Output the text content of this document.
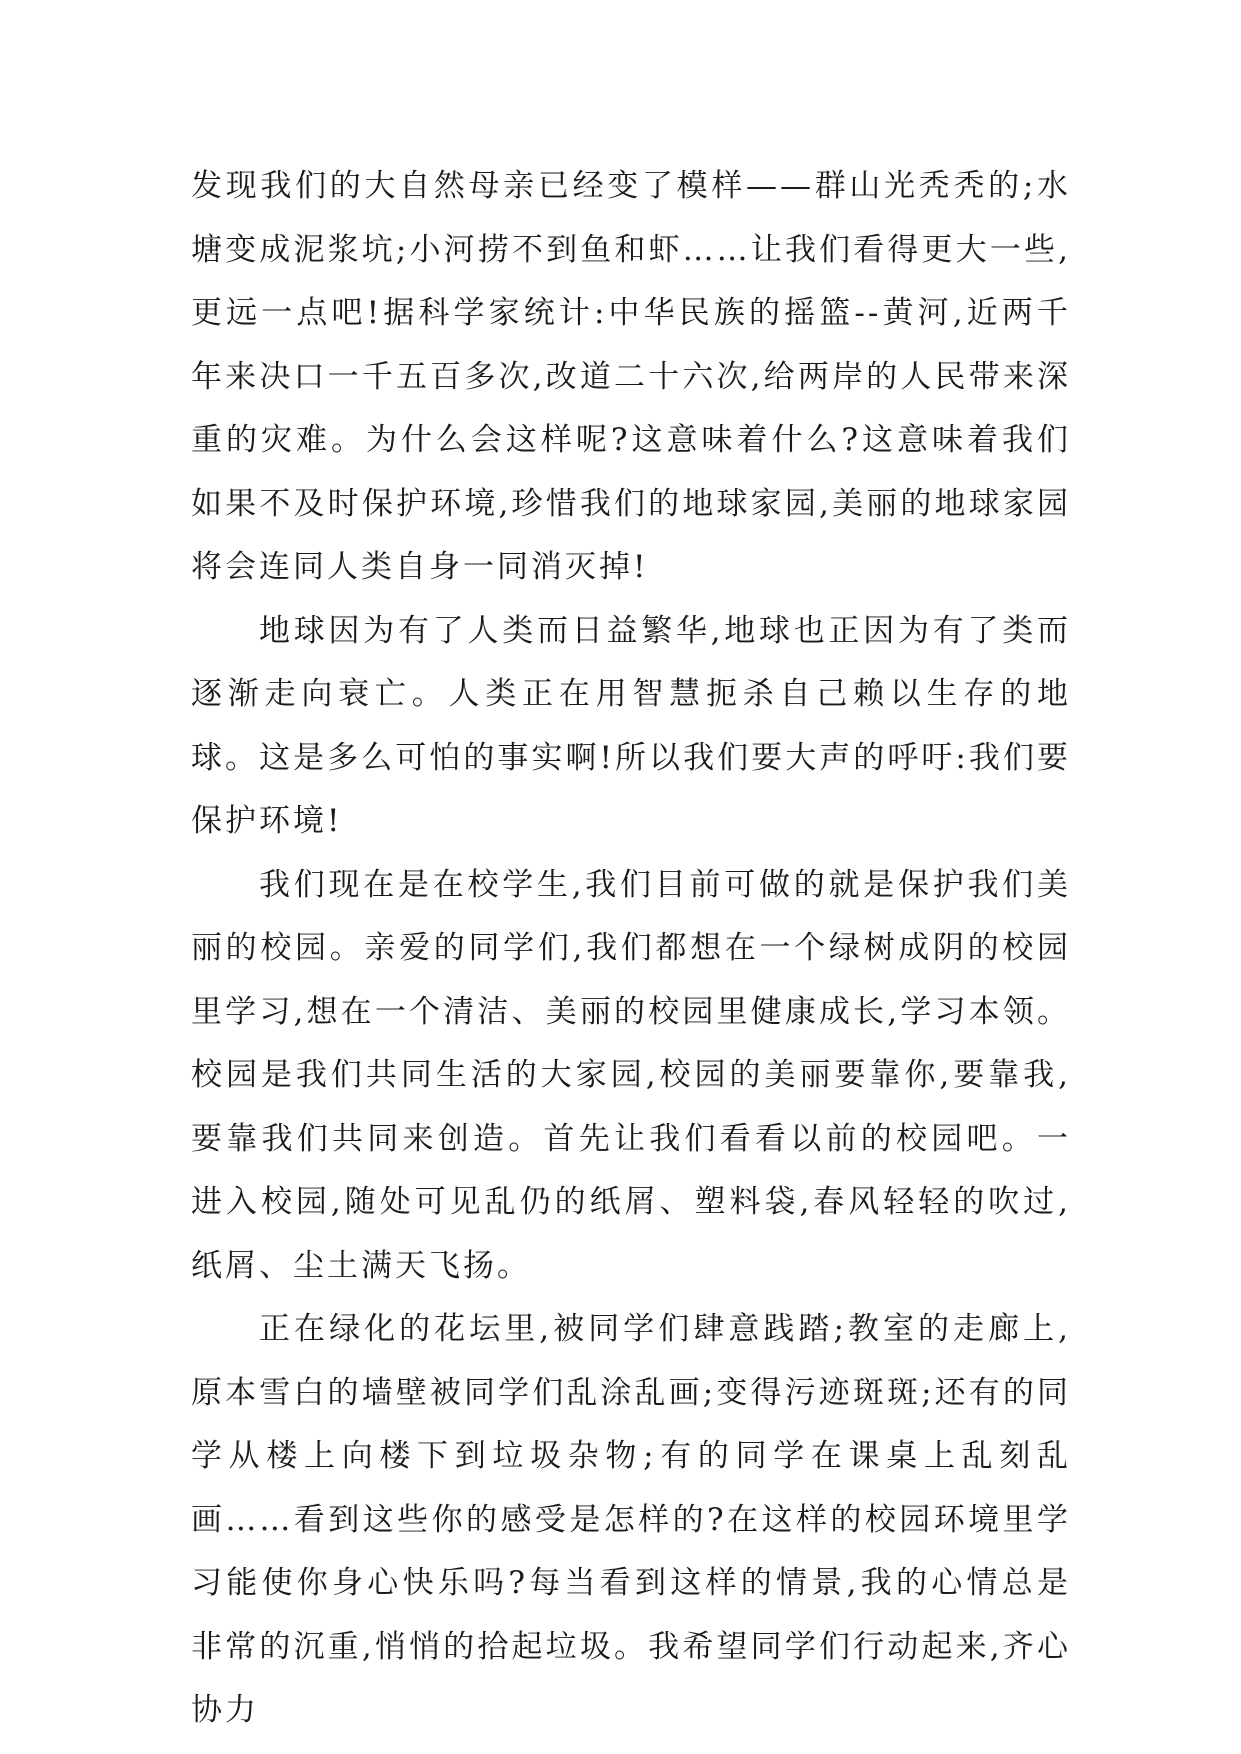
发现我们的大自然母亲已经变了模样——群山光秃秃的;水塘变成泥浆坑;小河捞不到鱼和虾……让我们看得更大一些,更远一点吧!据科学家统计:中华民族的摇篮--黄河,近两千年来决口一千五百多次,改道二十六次,给两岸的人民带来深重的灾难。为什么会这样呢?这意味着什么?这意味着我们如果不及时保护环境,珍惜我们的地球家园,美丽的地球家园将会连同人类自身一同消灭掉!

地球因为有了人类而日益繁华,地球也正因为有了类而逐渐走向衰亡。人类正在用智慧扼杀自己赖以生存的地球。这是多么可怕的事实啊!所以我们要大声的呼吁:我们要保护环境!

我们现在是在校学生,我们目前可做的就是保护我们美丽的校园。亲爱的同学们,我们都想在一个绿树成阴的校园里学习,想在一个清洁、美丽的校园里健康成长,学习本领。校园是我们共同生活的大家园,校园的美丽要靠你,要靠我,要靠我们共同来创造。首先让我们看看以前的校园吧。一进入校园,随处可见乱仍的纸屑、塑料袋,春风轻轻的吹过,纸屑、尘土满天飞扬。

正在绿化的花坛里,被同学们肆意践踏;教室的走廊上,原本雪白的墙壁被同学们乱涂乱画;变得污迹斑斑;还有的同学从楼上向楼下到垃圾杂物;有的同学在课桌上乱刻乱画……看到这些你的感受是怎样的?在这样的校园环境里学习能使你身心快乐吗?每当看到这样的情景,我的心情总是非常的沉重,悄悄的拾起垃圾。我希望同学们行动起来,齐心协力
